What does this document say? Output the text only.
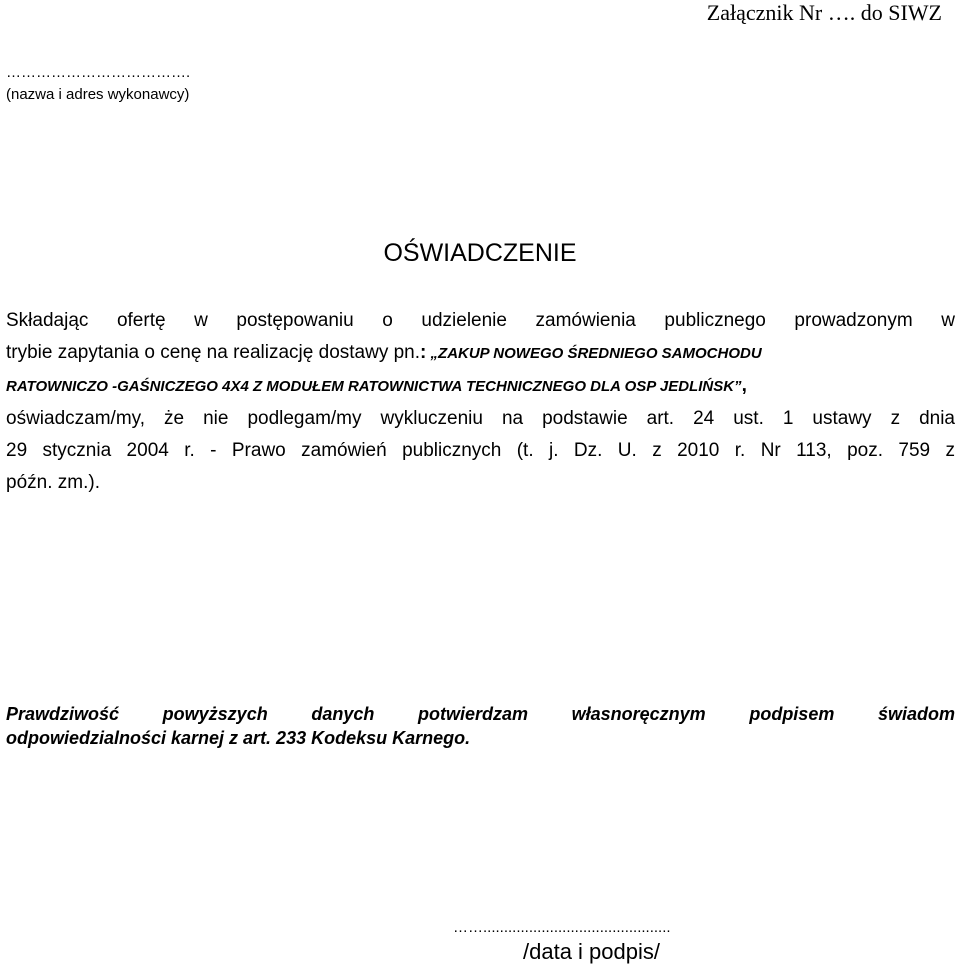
Załącznik Nr …. do SIWZ
……………………………….
(nazwa i adres wykonawcy)
OŚWIADCZENIE
Składając ofertę w postępowaniu o udzielenie zamówienia publicznego prowadzonym w
trybie zapytania o cenę na realizację dostawy pn.: „ZAKUP NOWEGO ŚREDNIEGO SAMOCHODU
RATOWNICZO -GAŚNICZEGO 4X4 Z MODUŁEM RATOWNICTWA TECHNICZNEGO DLA OSP JEDLIŃSK”,
oświadczam/my, że nie podlegam/my wykluczeniu na podstawie art. 24 ust. 1 ustawy z dnia
29 stycznia 2004 r. - Prawo zamówień publicznych (t. j. Dz. U. z 2010 r. Nr 113, poz. 759 z
późn. zm.).
Prawdziwość powyższych danych potwierdzam własnoręcznym podpisem świadom
odpowiedzialności karnej z art. 233 Kodeksu Karnego.
…….............................................
/data i podpis/
